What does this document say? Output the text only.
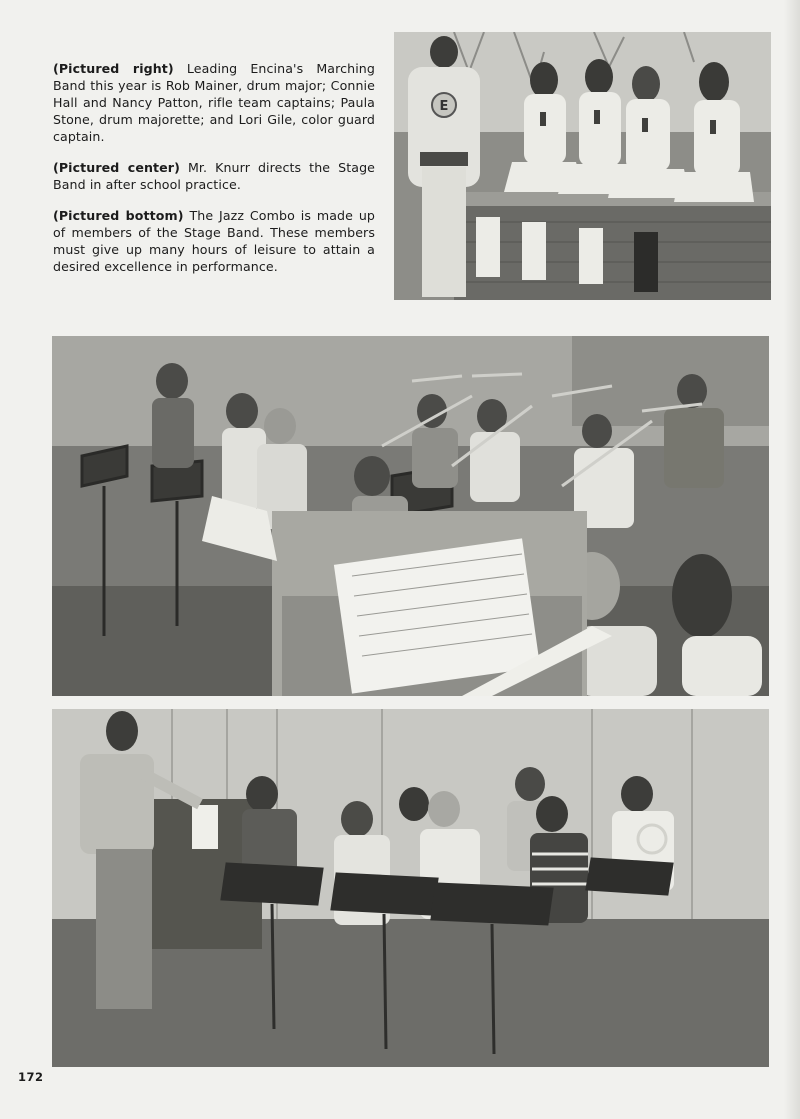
(Pictured right) Leading Encina's Marching Band this year is Rob Mainer, drum major; Connie Hall and Nancy Patton, rifle team captains; Paula Stone, drum majorette; and Lori Gile, color guard captain.

(Pictured center) Mr. Knurr directs the Stage Band in after school practice.

(Pictured bottom) The Jazz Combo is made up of members of the Stage Band. These members must give up many hours of leisure to attain a desired excellence in performance.

E
172
